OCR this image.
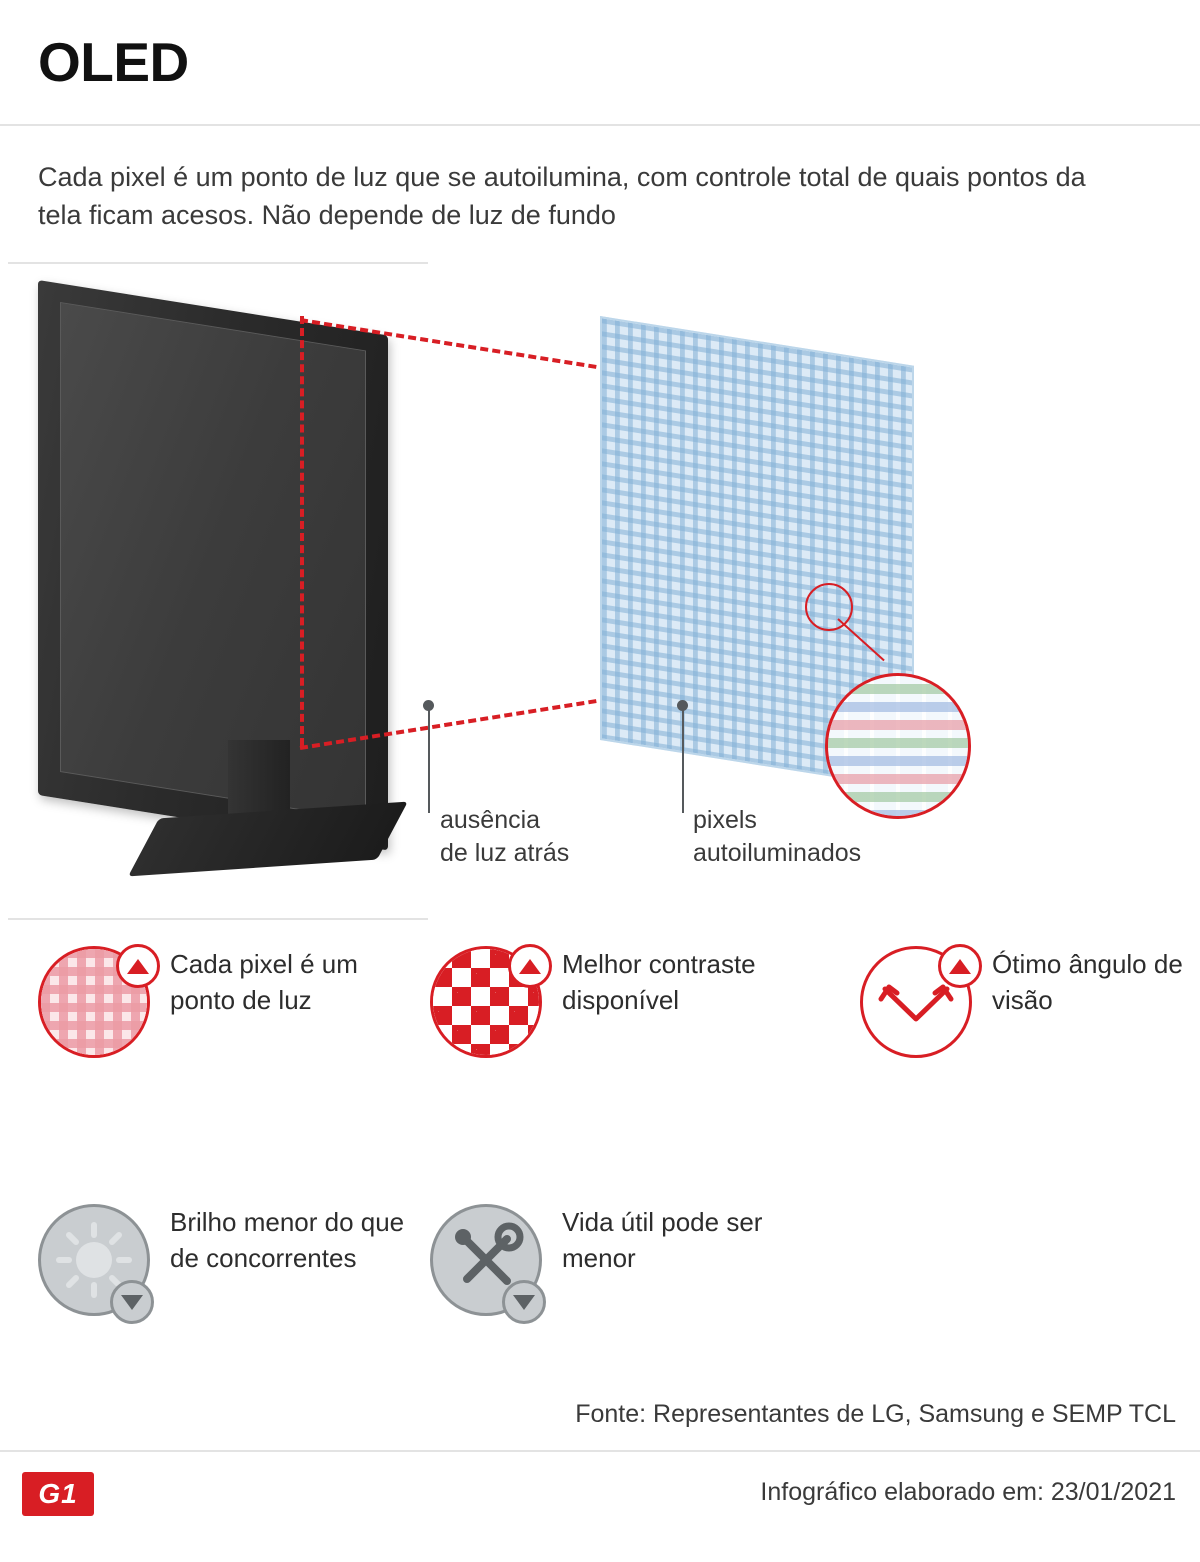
OLED
Cada pixel é um ponto de luz que se autoilumina, com controle total de quais pontos da tela ficam acesos. Não depende de luz de fundo
ausência
de luz atrás
pixels
autoiluminados
Cada pixel é um ponto de luz
Melhor contraste disponível
Ótimo ângulo de visão
Brilho menor do que de concorrentes
Vida útil pode ser menor
Fonte: Representantes de LG, Samsung e SEMP TCL
Infográfico elaborado em: 23/01/2021
G1
